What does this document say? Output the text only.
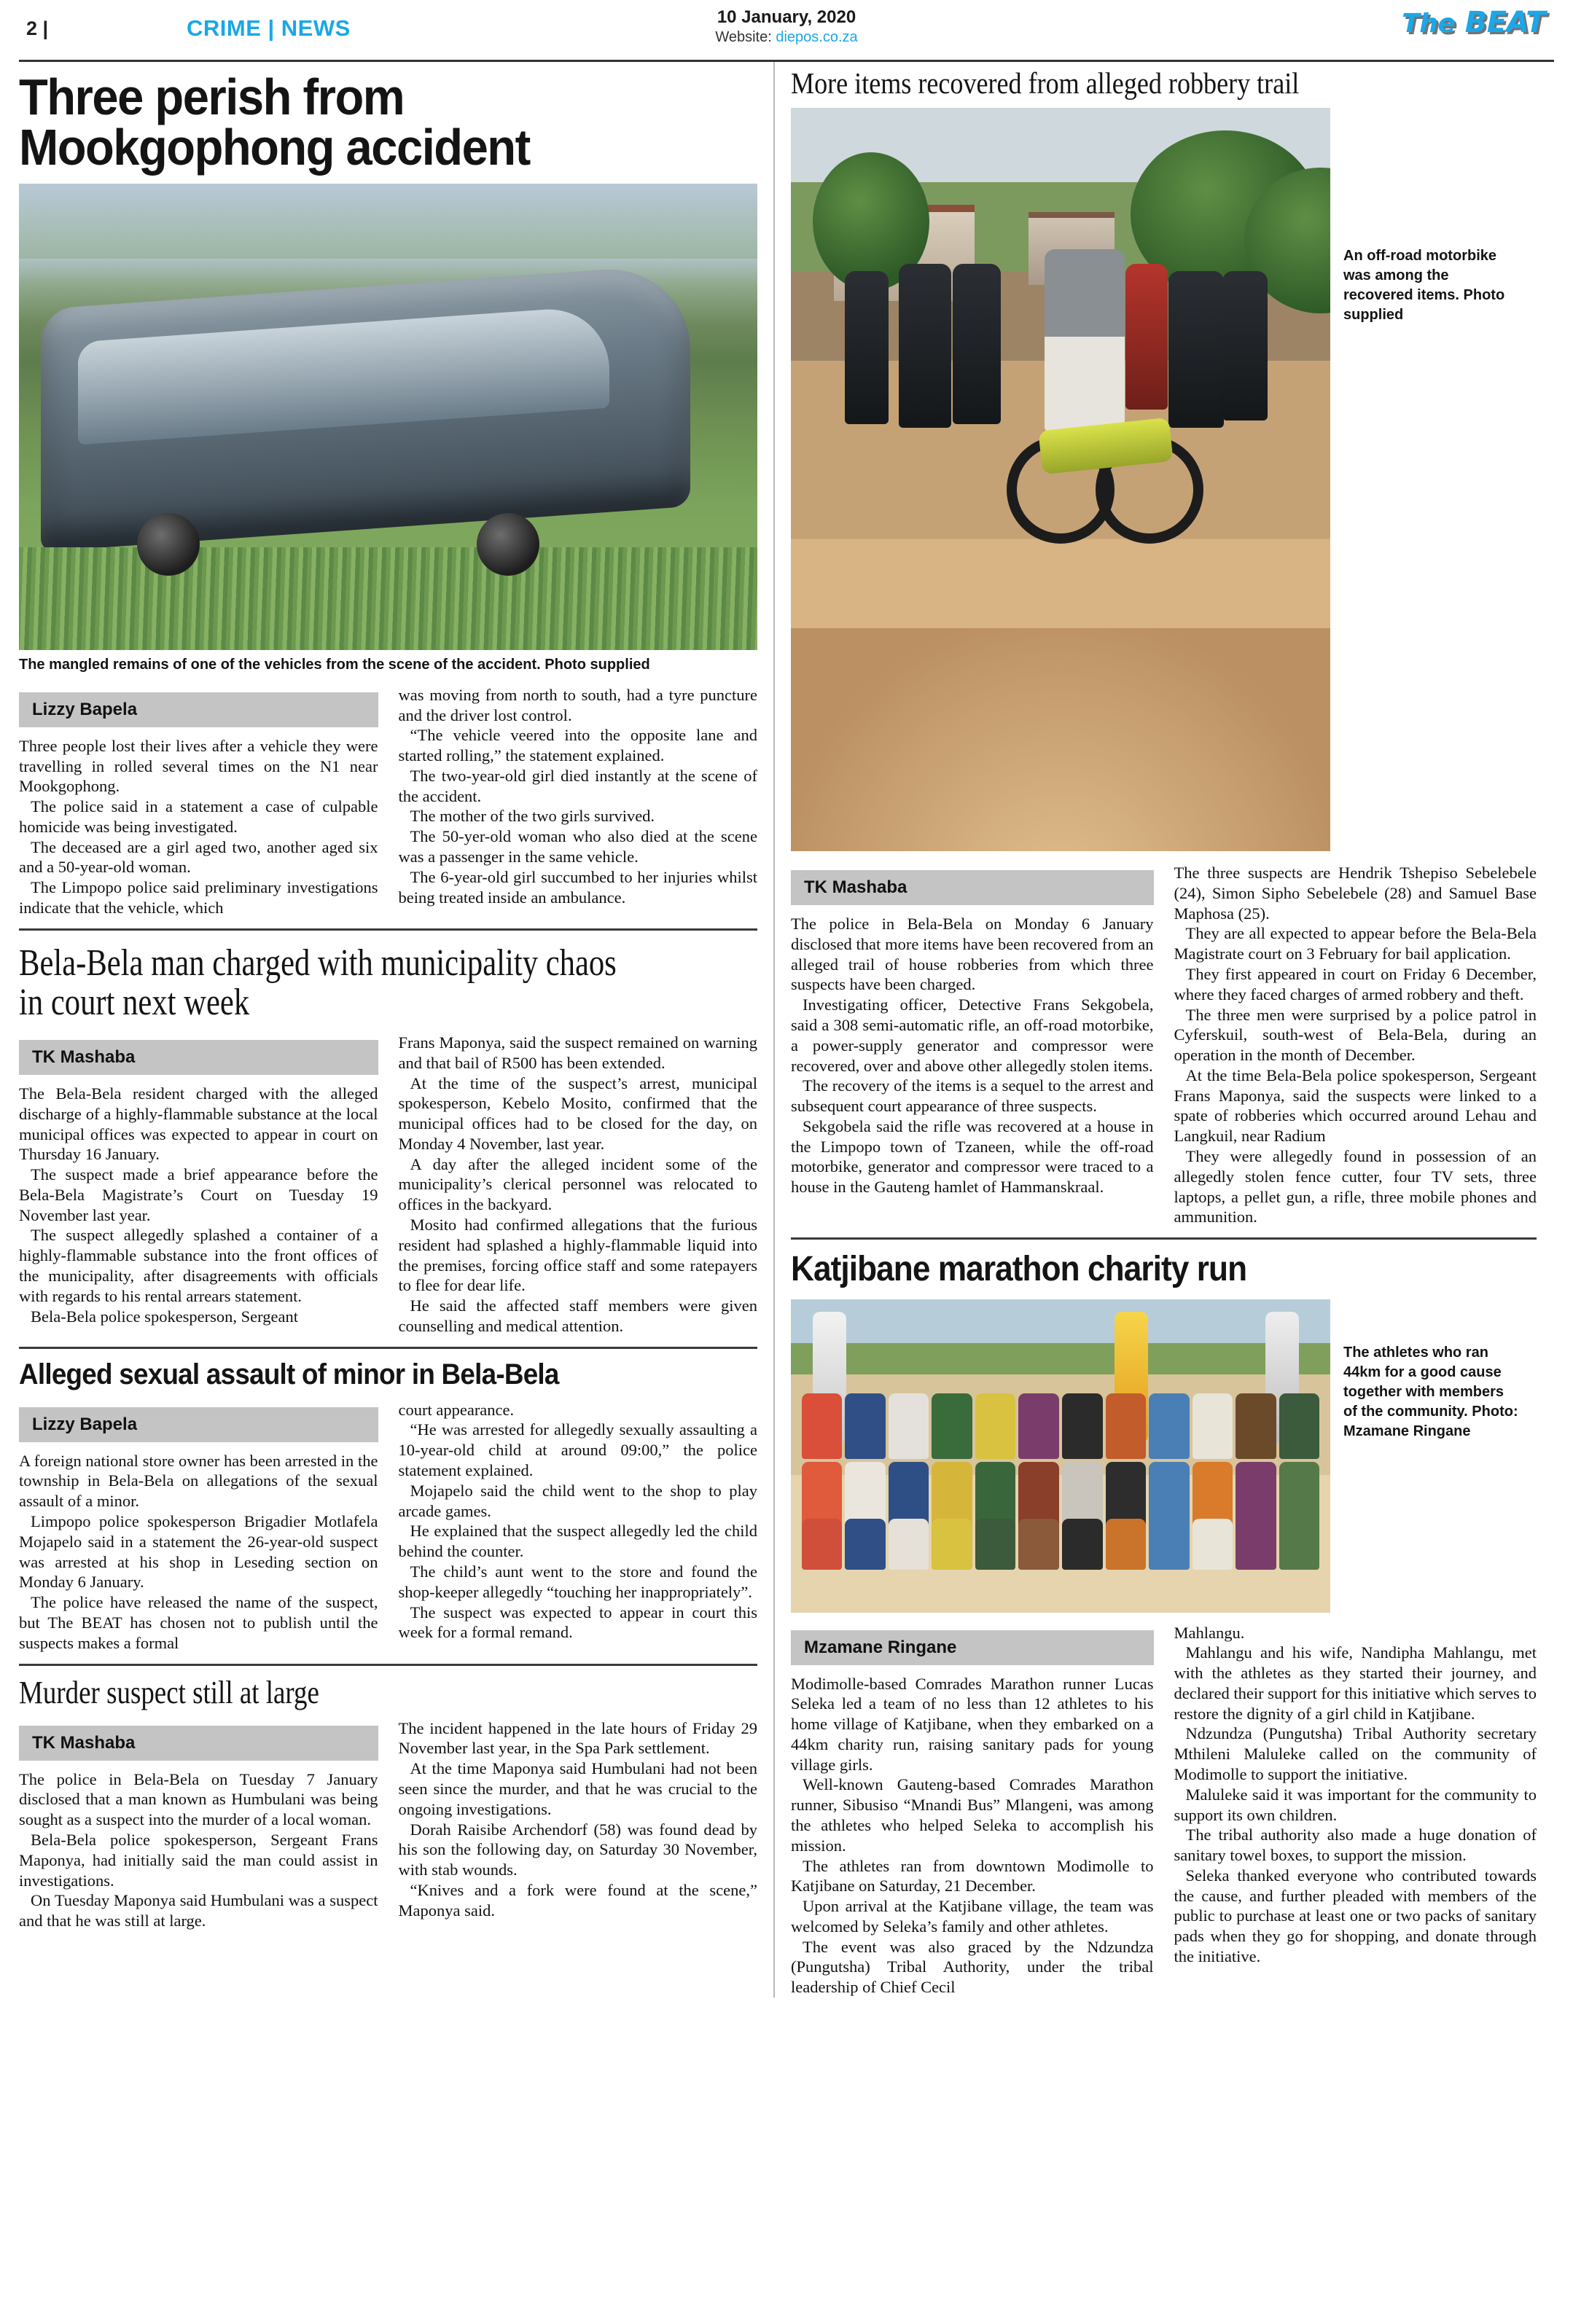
2 |	CRIME | NEWS	10 January, 2020
Website: diepos.co.za	The BEAT
Three perish from Mookgophong accident

The mangled remains of one of the vehicles from the scene of the accident. Photo supplied

Lizzy Bapela

Three people lost their lives after a vehicle they were travelling in rolled several times on the N1 near Mookgophong.

The police said in a statement a case of culpable homicide was being investigated.

The deceased are a girl aged two, another aged six and a 50-year-old woman.

The Limpopo police said preliminary investigations indicate that the vehicle, which

was moving from north to south, had a tyre puncture and the driver lost control.

“The vehicle veered into the opposite lane and started rolling,” the statement explained.

The two-year-old girl died instantly at the scene of the accident.

The mother of the two girls survived.

The 50-yer-old woman who also died at the scene was a passenger in the same vehicle.

The 6-year-old girl succumbed to her injuries whilst being treated inside an ambulance.

Bela-Bela man charged with municipality chaos in court next week
TK Mashaba

The Bela-Bela resident charged with the alleged discharge of a highly-flammable substance at the local municipal offices was expected to appear in court on Thursday 16 January.

The suspect made a brief appearance before the Bela-Bela Magistrate’s Court on Tuesday 19 November last year.

The suspect allegedly splashed a container of a highly-flammable substance into the front offices of the municipality, after disagreements with officials with regards to his rental arrears statement.

Bela-Bela police spokesperson, Sergeant

Frans Maponya, said the suspect remained on warning and that bail of R500 has been extended.

At the time of the suspect’s arrest, municipal spokesperson, Kebelo Mosito, confirmed that the municipal offices had to be closed for the day, on Monday 4 November, last year.

A day after the alleged incident some of the municipality’s clerical personnel was relocated to offices in the backyard.

Mosito had confirmed allegations that the furious resident had splashed a highly-flammable liquid into the premises, forcing office staff and some ratepayers to flee for dear life.

He said the affected staff members were given counselling and medical attention.

Alleged sexual assault of minor in Bela-Bela
Lizzy Bapela

A foreign national store owner has been arrested in the township in Bela-Bela on allegations of the sexual assault of a minor.

Limpopo police spokesperson Brigadier Motlafela Mojapelo said in a statement the 26-year-old suspect was arrested at his shop in Leseding section on Monday 6 January.

The police have released the name of the suspect, but The BEAT has chosen not to publish until the suspects makes a formal

court appearance.

“He was arrested for allegedly sexually assaulting a 10-year-old child at around 09:00,” the police statement explained.

Mojapelo said the child went to the shop to play arcade games.

He explained that the suspect allegedly led the child behind the counter.

The child’s aunt went to the store and found the shop-keeper allegedly “touching her inappropriately”.

The suspect was expected to appear in court this week for a formal remand.

Murder suspect still at large
TK Mashaba

The police in Bela-Bela on Tuesday 7 January disclosed that a man known as Humbulani was being sought as a suspect into the murder of a local woman.

Bela-Bela police spokesperson, Sergeant Frans Maponya, had initially said the man could assist in investigations.

On Tuesday Maponya said Humbulani was a suspect and that he was still at large.

The incident happened in the late hours of Friday 29 November last year, in the Spa Park settlement.

At the time Maponya said Humbulani had not been seen since the murder, and that he was crucial to the ongoing investigations.

Dorah Raisibe Archendorf (58) was found dead by his son the following day, on Saturday 30 November, with stab wounds.

“Knives and a fork were found at the scene,” Maponya said.

More items recovered from alleged robbery trail

An off-road motorbike was among the recovered items. Photo supplied

TK Mashaba

The police in Bela-Bela on Monday 6 January disclosed that more items have been recovered from an alleged trail of house robberies from which three suspects have been charged.

Investigating officer, Detective Frans Sekgobela, said a 308 semi-automatic rifle, an off-road motorbike, a power-supply generator and compressor were recovered, over and above other allegedly stolen items.

The recovery of the items is a sequel to the arrest and subsequent court appearance of three suspects.

Sekgobela said the rifle was recovered at a house in the Limpopo town of Tzaneen, while the off-road motorbike, generator and compressor were traced to a house in the Gauteng hamlet of Hammanskraal.

The three suspects are Hendrik Tshepiso Sebelebele (24), Simon Sipho Sebelebele (28) and Samuel Base Maphosa (25).

They are all expected to appear before the Bela-Bela Magistrate court on 3 February for bail application.

They first appeared in court on Friday 6 December, where they faced charges of armed robbery and theft.

The three men were surprised by a police patrol in Cyferskuil, south-west of Bela-Bela, during an operation in the month of December.

At the time Bela-Bela police spokesperson, Sergeant Frans Maponya, said the suspects were linked to a spate of robberies which occurred around Lehau and Langkuil, near Radium

They were allegedly found in possession of an allegedly stolen fence cutter, four TV sets, three laptops, a pellet gun, a rifle, three mobile phones and ammunition.

Katjibane marathon charity run

The athletes who ran 44km for a good cause together with members of the community. Photo: Mzamane Ringane

Mzamane Ringane

Modimolle-based Comrades Marathon runner Lucas Seleka led a team of no less than 12 athletes to his home village of Katjibane, when they embarked on a 44km charity run, raising sanitary pads for young village girls.

Well-known Gauteng-based Comrades Marathon runner, Sibusiso “Mnandi Bus” Mlangeni, was among the athletes who helped Seleka to accomplish his mission.

The athletes ran from downtown Modimolle to Katjibane on Saturday, 21 December.

Upon arrival at the Katjibane village, the team was welcomed by Seleka’s family and other athletes.

The event was also graced by the Ndzundza (Pungutsha) Tribal Authority, under the tribal leadership of Chief Cecil

Mahlangu.

Mahlangu and his wife, Nandipha Mahlangu, met with the athletes as they started their journey, and declared their support for this initiative which serves to restore the dignity of a girl child in Katjibane.

Ndzundza (Pungutsha) Tribal Authority secretary Mthileni Maluleke called on the community of Modimolle to support the initiative.

Maluleke said it was important for the community to support its own children.

The tribal authority also made a huge donation of sanitary towel boxes, to support the mission.

Seleka thanked everyone who contributed towards the cause, and further pleaded with members of the public to purchase at least one or two packs of sanitary pads when they go for shopping, and donate through the initiative.
